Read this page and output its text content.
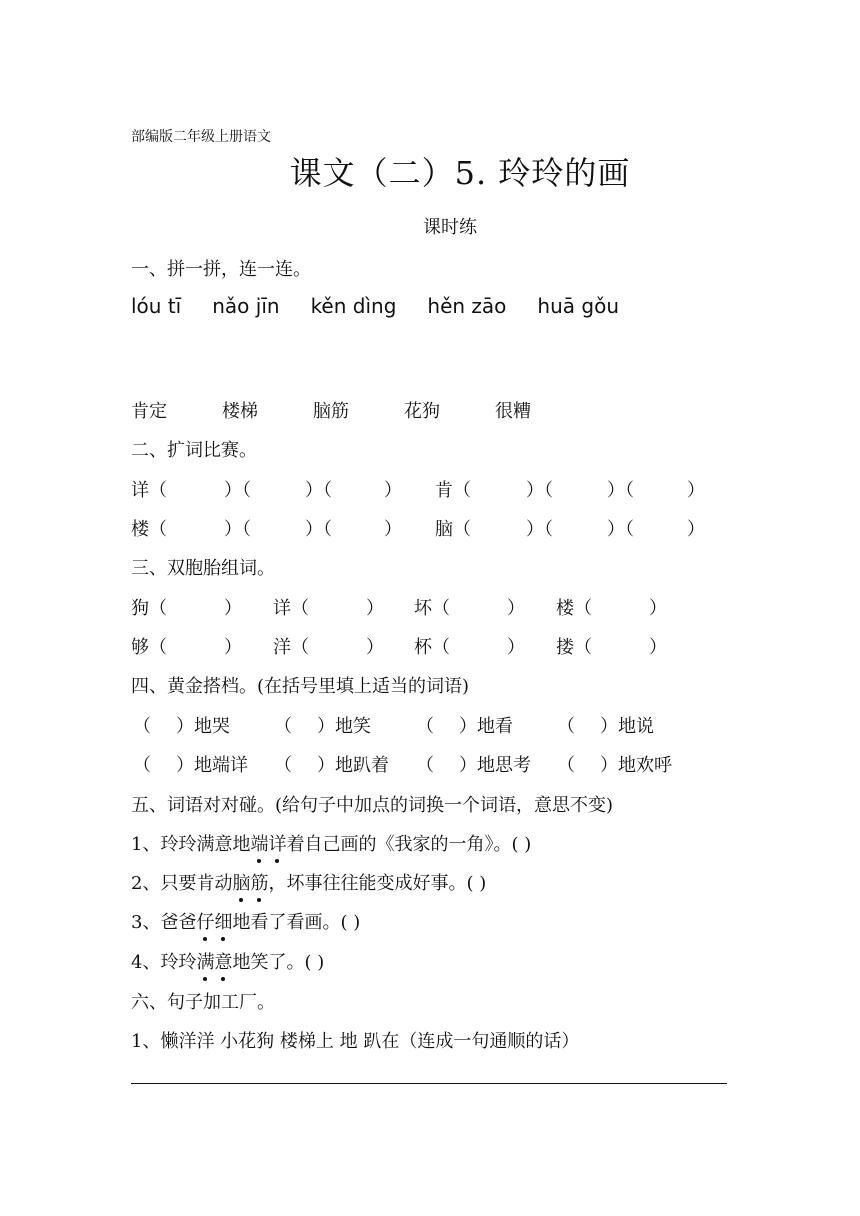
部编版二年级上册语文
课文（二）5. 玲玲的画
课时练
一、拼一拼，连一连。
lóu tī nǎo jīn kěn dìng hěn zāo huā gǒu
肯定	楼梯	脑筋	花狗	很糟
二、扩词比赛。
详（	）（	）（	） 肯（	）（	）（	）
楼（	）（	）（	） 脑（	）（	）（	）
三、双胞胎组词。
狗（	） 详（	） 坏（	） 楼（	）
够（	） 洋（	） 杯（	） 搂（	）
四、黄金搭档。(在括号里填上适当的词语)
（ ）地哭 （ ）地笑	（ ）地看 （ ）地说
（ ）地端详 （ ）地趴着 （ ）地思考 （ ）地欢呼
五、词语对对碰。(给句子中加点的词换一个词语，意思不变)
1、玲玲满意地端详着自己画的《我家的一角》。( )
2、只要肯动脑筋，坏事往往能变成好事。( )
3、爸爸仔细地看了看画。( )
4、玲玲满意地笑了。( )
六、句子加工厂。
1、懒洋洋 小花狗 楼梯上 地 趴在（连成一句通顺的话）
